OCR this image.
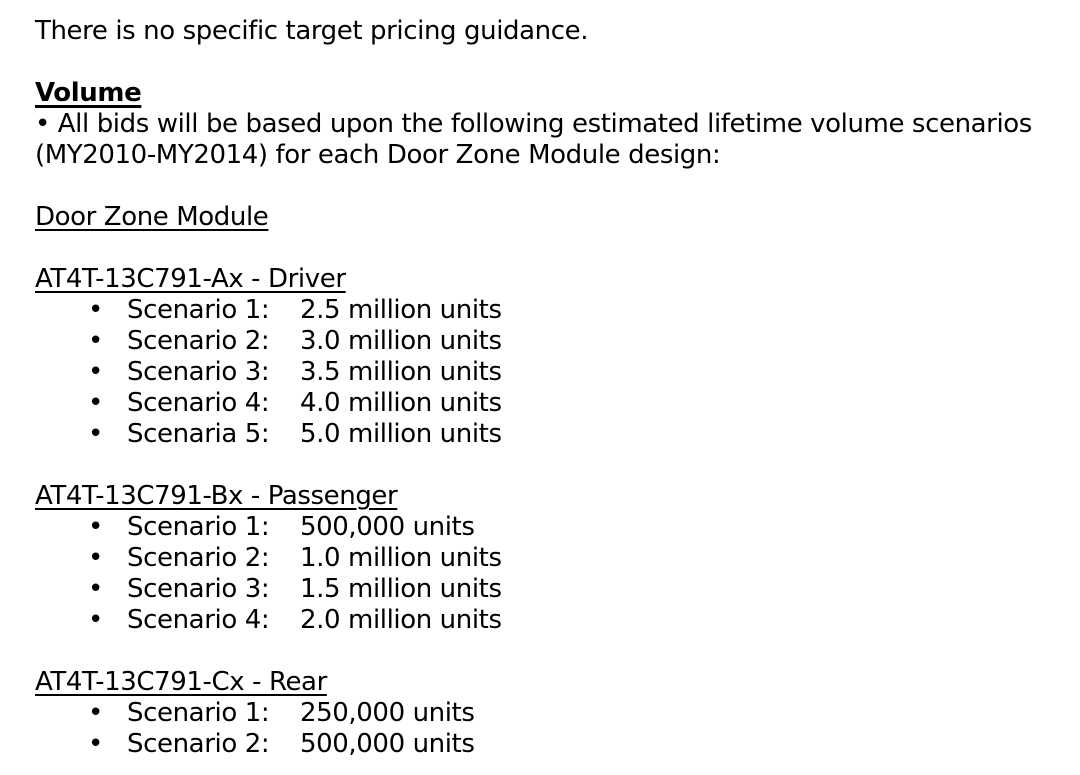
There is no specific target pricing guidance.
Volume
• All bids will be based upon the following estimated lifetime volume scenarios (MY2010-MY2014) for each Door Zone Module design:
Door Zone Module
AT4T-13C791-Ax - Driver
• Scenario 1: 2.5 million units
• Scenario 2: 3.0 million units
• Scenario 3: 3.5 million units
• Scenario 4: 4.0 million units
• Scenaria 5: 5.0 million units
AT4T-13C791-Bx - Passenger
• Scenario 1: 500,000 units
• Scenario 2: 1.0 million units
• Scenario 3: 1.5 million units
• Scenario 4: 2.0 million units
AT4T-13C791-Cx - Rear
• Scenario 1: 250,000 units
• Scenario 2: 500,000 units
